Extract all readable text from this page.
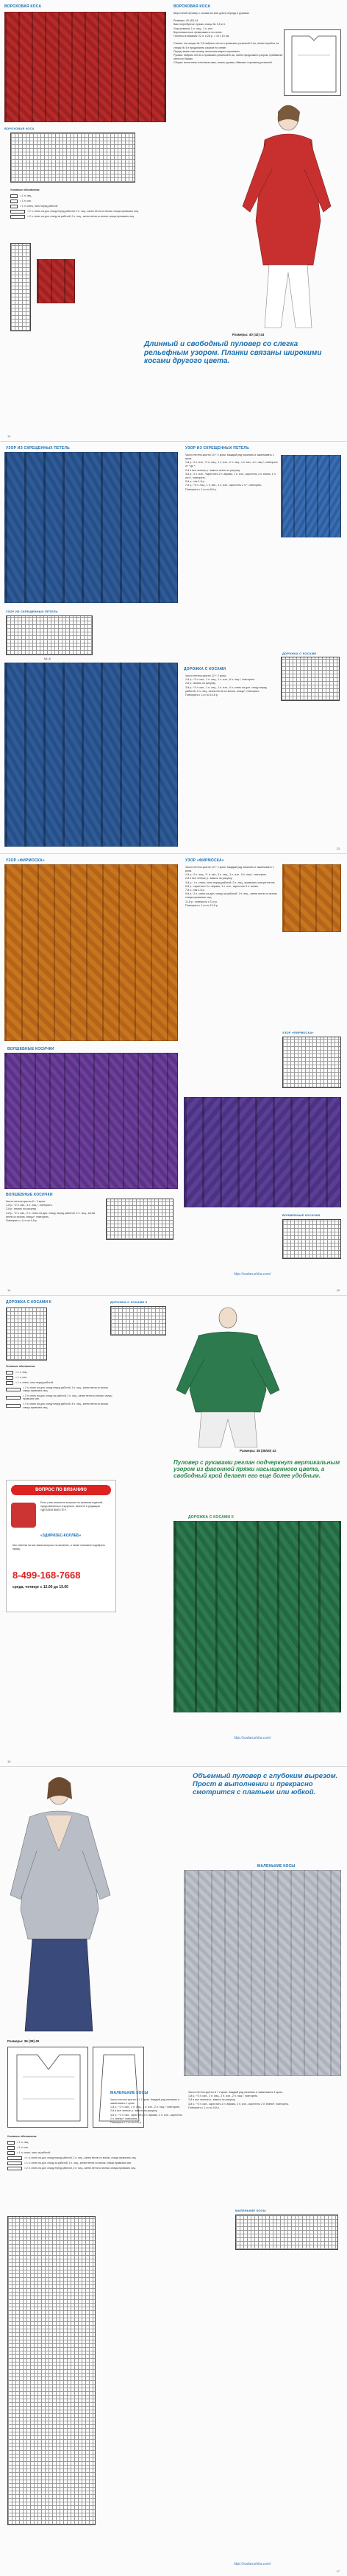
ВОРОХОВАЯ КОСА
ВОРОХОВАЯ КОСА
Условные обозначения
= 1 п. лиц.
= 1 п. изн.
= 1 п. снять, нить перед работой
= 2 п. снять на доп. спицу перед работой, 2 п. лиц., затем петли со вспом. спицы провязать лиц.
= 2 п. снять на доп. спицу за работой, 2 п. лиц., затем петли со вспом. спицы провязать лиц.
ВОРОХОВАЯ КОСА
Шерстяной пуловер с косами во всю длину переда и рукавов.

Размеры: 40 (42) 44
Вам потребуется: пряжа, спицы № 3,5 и 4.
Узор резинка: 1 п. лиц., 1 п. изн.
Вороховая коса: провязывать по схеме.
Плотность вязания: 22 п. и 28 р. = 10 x 10 см.

Спинка: на спицах № 3,5 набрать петли и провязать резинкой 5 см, затем перейти на спицы № 4 и продолжить узором по схеме.
Перед: вязать как спинку, выполняя вырез горловины.
Рукава: набрать петли и провязать резинкой 6 см, затем продолжить узором, прибавляя петли по бокам.
Сборка: выполнить плечевые швы, вшить рукава, обвязать горловину резинкой.
Размеры: 40 (42) 44
Длинный и свободный пуловер со слегка рельефным узором. Планки связаны широкими косами другого цвета.
12
УЗОР ИЗ СКРЕЩЕННЫХ ПЕТЕЛЬ
УЗОР ИЗ СКРЕЩЕННЫХ ПЕТЕЛЬ
М1–8
УЗОР ИЗ СКРЕЩЕННЫХ ПЕТЕЛЬ
Число петель кратно 10 + 2 кром. Каждый ряд начинать и заканчивать 1 кром.
1-й р.: 2 п. изн., *2 п. лиц., 1 п. изн., 2 п. лиц., 1 п. изн., 4 п. лиц.*, повторять от * до *.
2-й и все четные р.: вязать петли по рисунку.
3-й р.: 2 п. изн., *скрестить 2 п. вправо, 1 п. изн., скрестить 2 п. влево, 1 п. изн.*, повторять.
5-й р.: как 1-й р.
7-й р.: *2 п. лиц., 1 п. изн., 4 п. изн., скрестить 2 п.*, повторять.
Повторять с 1-го по 8-й р.
ДОРОЖКА С КОСАМИ
ДОРОЖКА С КОСАМИ
Число петель кратно 12 + 2 кром.
1-й р.: *2 п. изн., 1 п. лиц., 1 п. изн., 8 п. лиц.*, повторять.
2-й р.: вязать по рисунку.
3-й р.: *2 п. изн., 1 п. лиц., 1 п. изн., 4 п. снять на доп. спицу перед работой, 4 п. лиц., затем петли со вспом. спицы*, повторять.
Повторять с 1-го по 10-й р.
13
УЗОР «ФИРМОСКА»
ВОЛШЕБНЫЕ КОСИЧКИ
ВОЛШЕБНЫЕ КОСИЧКИ
Число петель кратно 6 + 2 кром.
1-й р.: *2 п. изн., 4 п. лиц.*, повторять.
2-й р.: вязать по рисунку.
3-й р.: *2 п. изн., 2 п. снять на доп. спицу перед работой, 2 п. лиц., затем петли со вспом. спицы*, повторять.
Повторять с 1-го по 4-й р.
14
УЗОР «ФИРМОСКА»
Число петель кратно 10 + 2 кром. Каждый ряд начинать и заканчивать 1 кром.
1-й р.: 2 п. лиц., *1 п. изн., 3 п. лиц., 1 п. изн., 5 п. лиц.*, повторять.
2-й и все четные р.: вязать по рисунку.
3-й р.: 1 п. снять, нить перед работой, 2 п. лиц., провязать снятую петлю.
5-й р.: скрестить 3 п. вправо, 1 п. изн., скрестить 3 п. влево.
7-й р.: как 1-й р.
9-й р.: 2 п. снять на доп. спицу за работой, 1 п. лиц., затем петли со вспом. спицы провязать лиц.
11-й р.: повторять с 3-го р.
Повторять с 1-го по 12-й р.
УЗОР «ФИРМОСКА»
ВОЛШЕБНЫЕ КОСИЧКИ
15
http://sudarushka.com/
ДОРОЖКА С КОСАМИ II	ДОРОЖКА С КОСАМИ II
Условные обозначения
= 1 п. лиц.
= 1 п. изн.
= 1 п. снять, нить перед работой
= 2 п. снять на доп. спицу перед работой, 1 п. лиц., затем петли со вспом. спицы провязать лиц.
= 2 п. снять на доп. спицу за работой, 1 п. лиц., затем петли со вспом. спицы провязать изн.
= 4 п. снять на доп. спицу перед работой, 4 п. лиц., затем петли со вспом. спицы провязать лиц.
ВОПРОС ПО ВЯЗАНИЮ
Если у вас возникли вопросы по вязанию изделий, представленных в журнале, звоните в редакцию «ДЕЛАЕМ ВМЕСТЕ».
«ЗДИРИЗЕС-КОЛЛЕБ»
Мы ответим на все ваши вопросы по вязанию, а также поможем подобрать пряжу.
8-499-168-7668
среда, четверг с 12.00 до 15.00
Размеры: 38 (38/40) 42
Пуловер с рукавами реглан подчеркнут вертикальным узором из фасонной пряжи насыщенного цвета, а свободный крой делает его еще более удобным.
ДОРОЖКА С КОСАМИ II
16
http://sudarushka.com/
Объемный пуловер с глубоким вырезом. Прост в выполнении и прекрасно смотрится с платьем или юбкой.
МАЛЕНЬКИЕ КОСЫ
Размеры: 36 (38) 40
Условные обозначения
= 1 п. лиц.
= 1 п. изн.
= 1 п. снять, нить за работой
= 1 п. снять на доп. спицу перед работой, 1 п. лиц., затем петлю со вспом. спицы провязать лиц.
= 1 п. снять на доп. спицу за работой, 1 п. лиц., затем петлю со вспом. спицы провязать изн.
= 2 п. снять на доп. спицу перед работой, 2 п. лиц., затем петли со вспом. спицы провязать лиц.
МАЛЕНЬКИЕ КОСЫ
Число петель кратно 8 + 2 кром. Каждый ряд начинать и заканчивать 1 кром.
1-й р.: *2 п. изн., 2 п. лиц., 2 п. изн., 2 п. лиц.*, повторять.
2-й и все четные р.: вязать по рисунку.
3-й р.: *2 п. изн., скрестить 2 п. вправо, 2 п. изн., скрестить 2 п. влево*, повторять.
Повторять с 1-го по 4-й р.
Число петель кратно 8 + 2 кром. Каждый ряд начинать и заканчивать 1 кром.
1-й р.: *2 п. изн., 2 п. лиц., 2 п. изн., 2 п. лиц.*, повторять.
2-й и все четные р.: вязать по рисунку.
3-й р.: *2 п. изн., скрестить 2 п. вправо, 2 п. изн., скрестить 2 п. влево*, повторять.
Повторять с 1-го по 4-й р.
МАЛЕНЬКИЕ КОСЫ
17
http://sudarushka.com/
